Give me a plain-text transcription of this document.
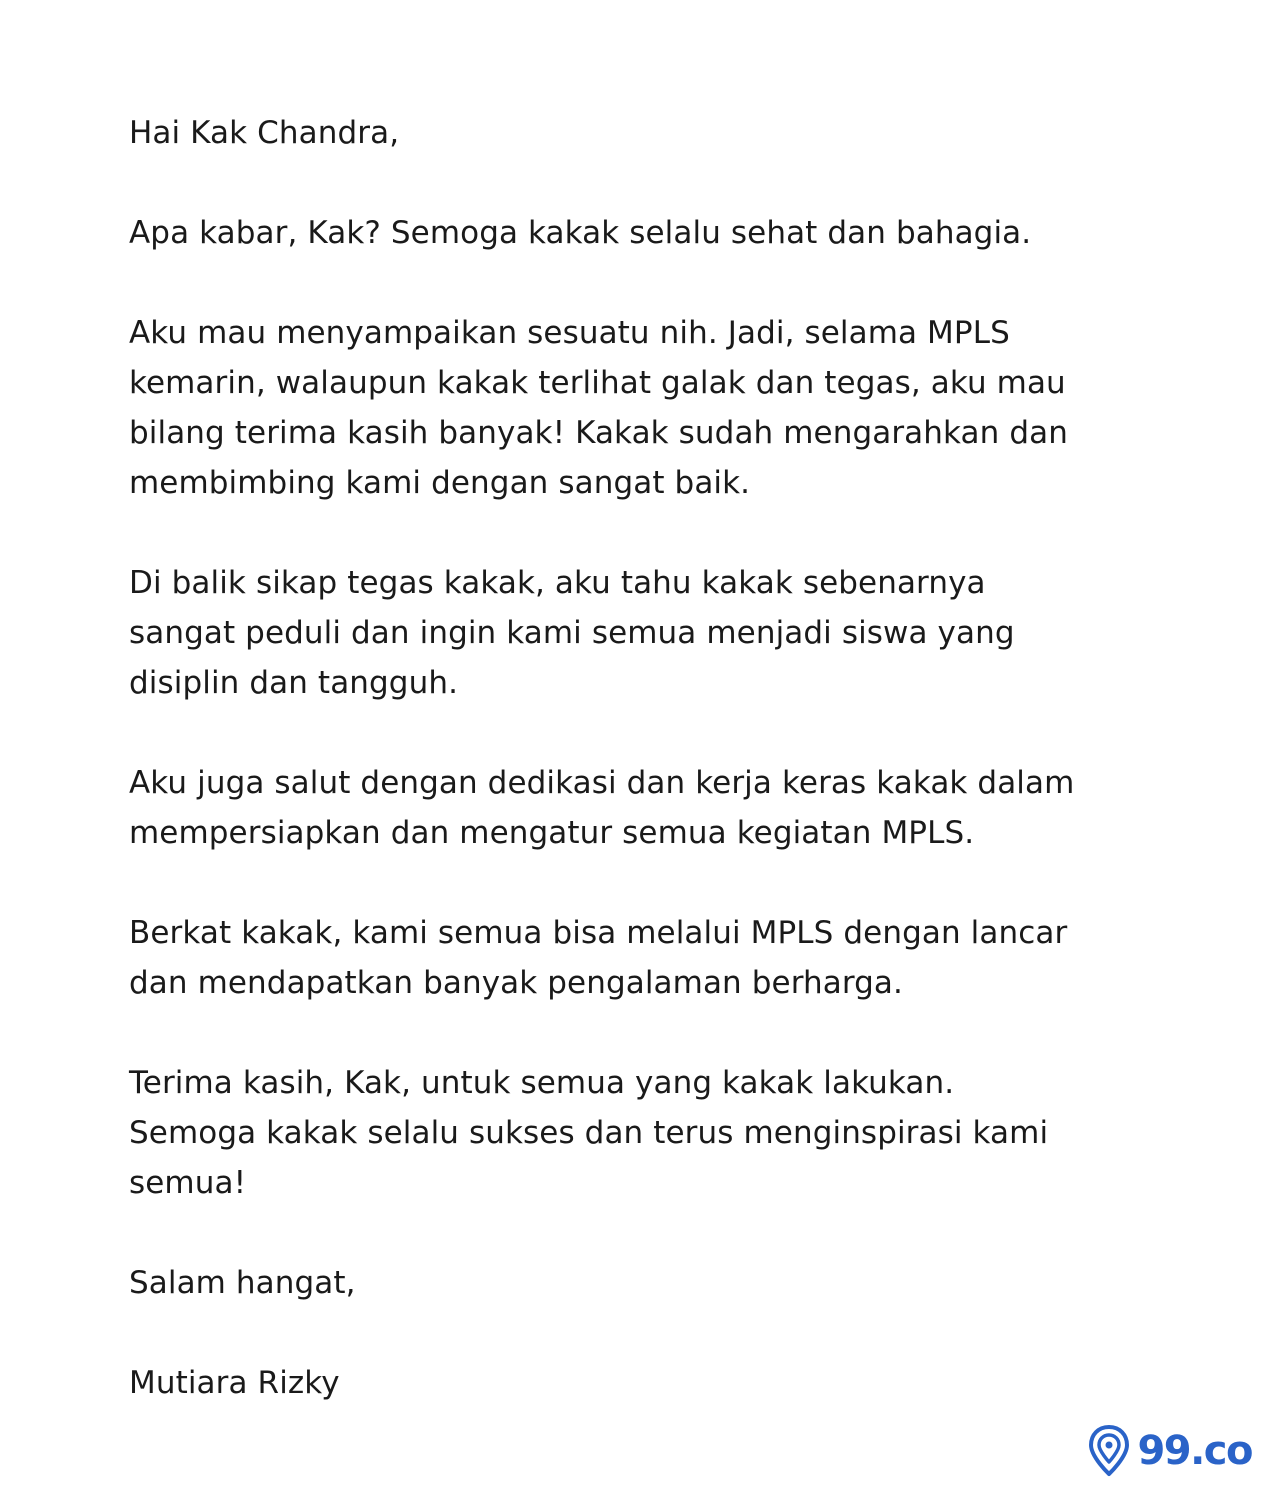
Hai Kak Chandra,

Apa kabar, Kak? Semoga kakak selalu sehat dan bahagia.

Aku mau menyampaikan sesuatu nih. Jadi, selama MPLS
kemarin, walaupun kakak terlihat galak dan tegas, aku mau
bilang terima kasih banyak! Kakak sudah mengarahkan dan
membimbing kami dengan sangat baik.

Di balik sikap tegas kakak, aku tahu kakak sebenarnya
sangat peduli dan ingin kami semua menjadi siswa yang
disiplin dan tangguh.

Aku juga salut dengan dedikasi dan kerja keras kakak dalam
mempersiapkan dan mengatur semua kegiatan MPLS.

Berkat kakak, kami semua bisa melalui MPLS dengan lancar
dan mendapatkan banyak pengalaman berharga.

Terima kasih, Kak, untuk semua yang kakak lakukan.
Semoga kakak selalu sukses dan terus menginspirasi kami
semua!

Salam hangat,

Mutiara Rizky

99.co
